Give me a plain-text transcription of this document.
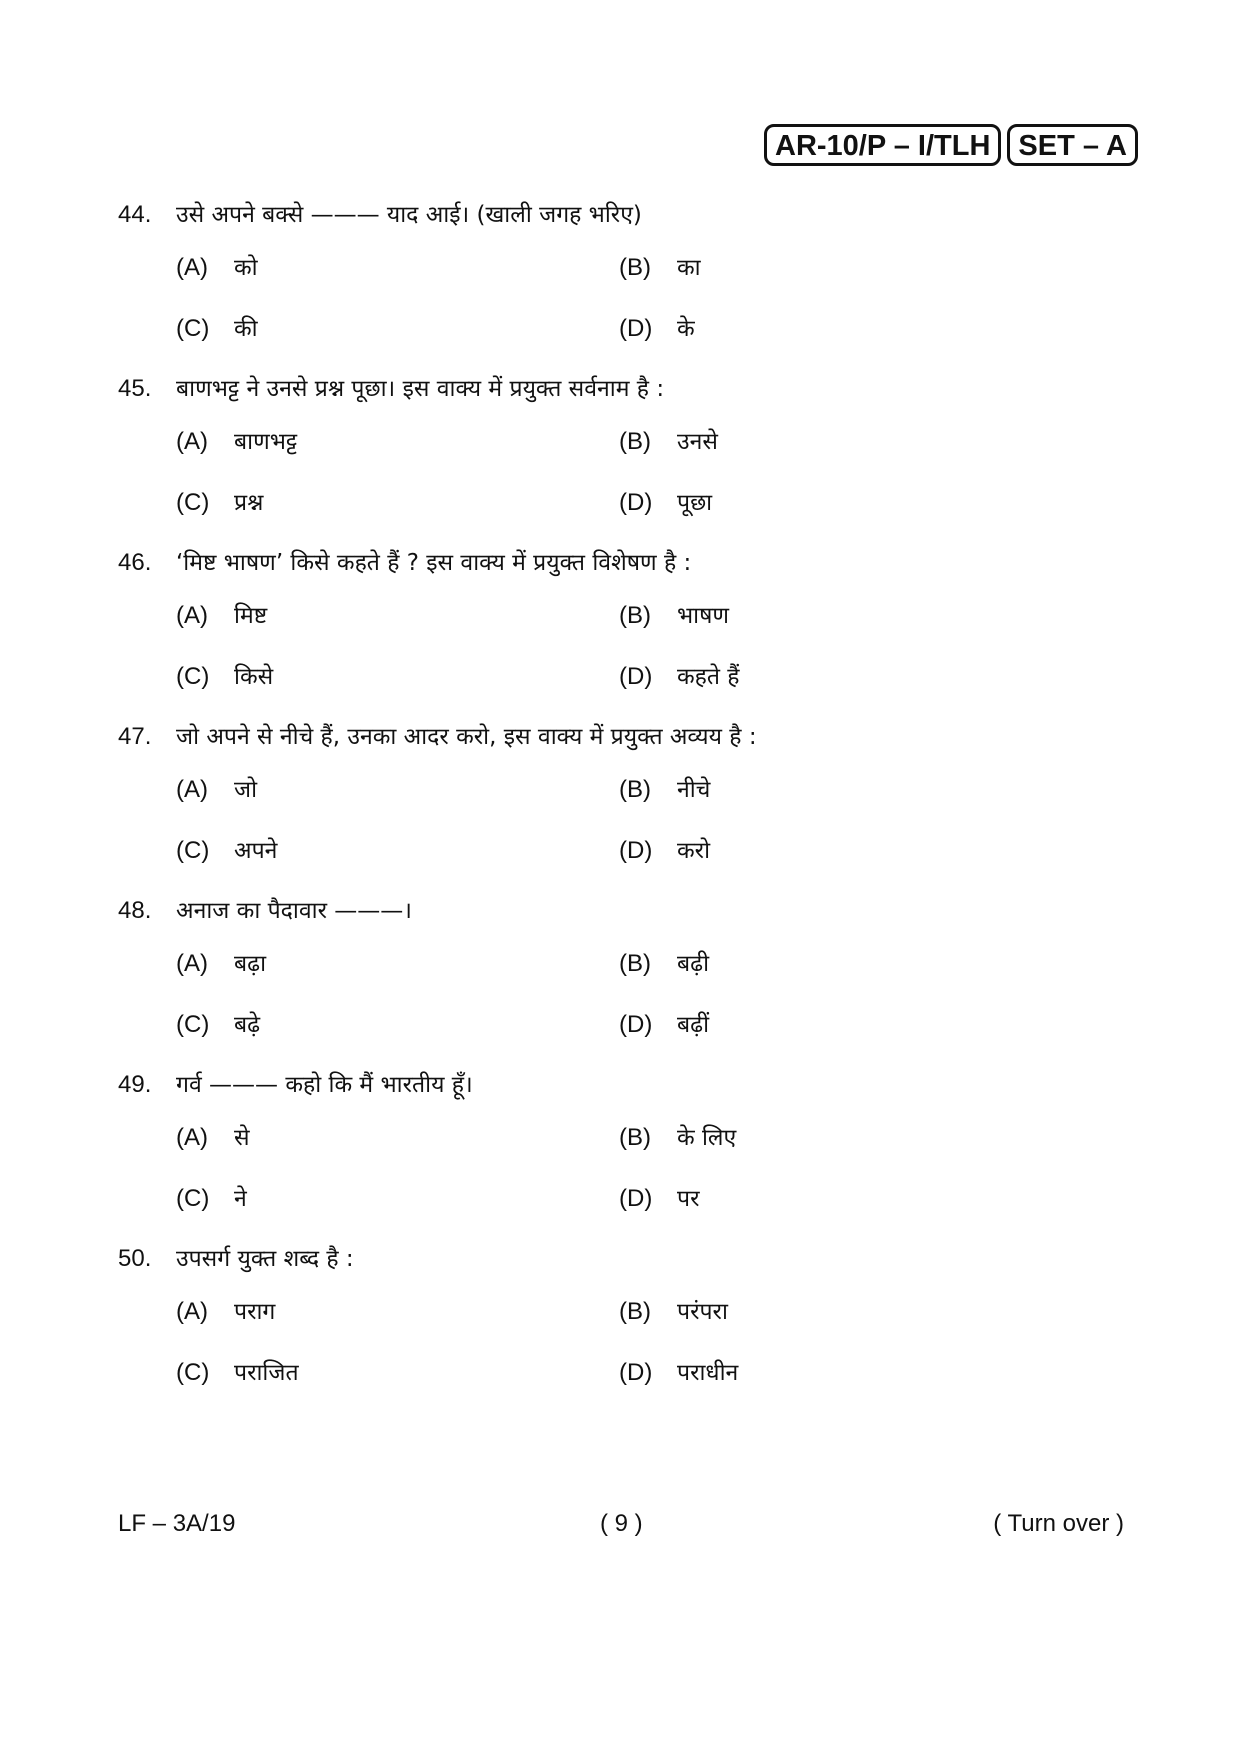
AR-10/P – I/TLH SET – A
44.	उसे अपने बक्से ——— याद आई। (खाली जगह भरिए)
(A)	को	(B)	का
(C)	की	(D)	के
45.	बाणभट्ट ने उनसे प्रश्न पूछा। इस वाक्य में प्रयुक्त सर्वनाम है :
(A)	बाणभट्ट	(B)	उनसे
(C)	प्रश्न	(D)	पूछा
46.	‘मिष्ट भाषण’ किसे कहते हैं ? इस वाक्य में प्रयुक्त विशेषण है :
(A)	मिष्ट	(B)	भाषण
(C)	किसे	(D)	कहते हैं
47.	जो अपने से नीचे हैं, उनका आदर करो, इस वाक्य में प्रयुक्त अव्यय है :
(A)	जो	(B)	नीचे
(C)	अपने	(D)	करो
48.	अनाज का पैदावार ———।
(A)	बढ़ा	(B)	बढ़ी
(C)	बढ़े	(D)	बढ़ीं
49.	गर्व ——— कहो कि मैं भारतीय हूँ।
(A)	से	(B)	के लिए
(C)	ने	(D)	पर
50.	उपसर्ग युक्त शब्द है :
(A)	पराग	(B)	परंपरा
(C)	पराजित	(D)	पराधीन
LF – 3A/19	( 9 )	( Turn over )
